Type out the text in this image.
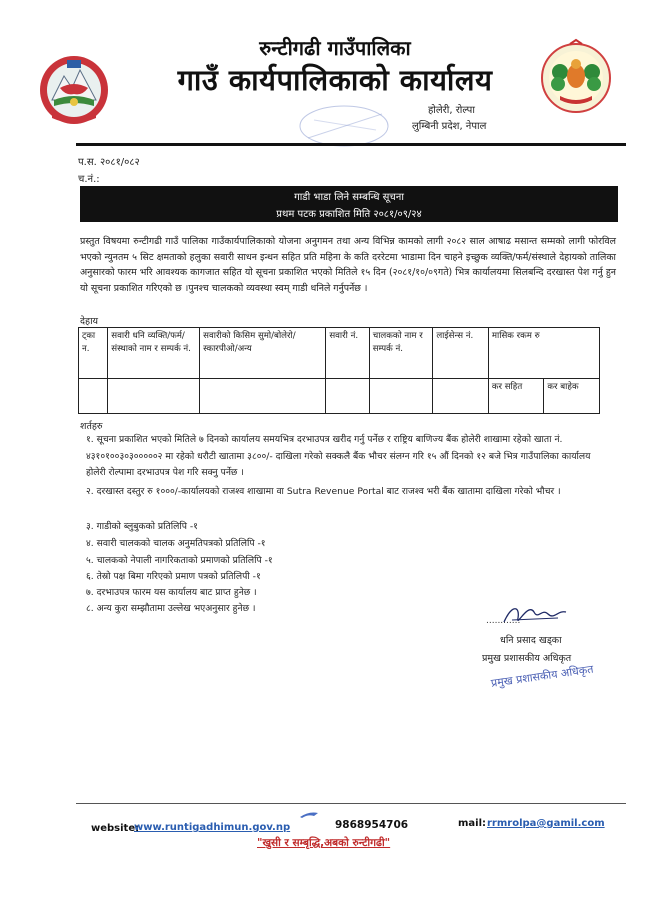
रुन्टीगढी गाउँपालिका
गाउँ कार्यपालिकाको कार्यालय
होलेरी, रोल्पा
लुम्बिनी प्रदेश, नेपाल
प.स. २०८१/०८२
च.नं.:
गाडी भाडा लिने सम्बन्धि सूचना
प्रथम पटक प्रकाशित मिति २०८१/०९/२४
प्रस्तुत विषयमा रुन्टीगढी गाउँ पालिका गाउँकार्यपालिकाको योजना अनुगमन तथा अन्य विभिन्न कामको लागी २०८२ साल आषाढ मसान्त सम्मको लागी फोरविल भएको न्युनतम ५ सिट क्षमताको हलुका सवारी साधन इन्धन सहित प्रति महिना के कति दररेटमा भाडामा दिन चाहने इच्छुक व्यक्ति/फर्म/संस्थाले देहायको तालिका अनुसारको फारम भरि आवश्यक कागजात सहित यो सूचना प्रकाशित भएको मितिले १५ दिन (२०८१/१०/०९गते) भित्र कार्यालयमा सिलबन्दि दरखास्त पेश गर्नु हुन यो सूचना प्रकाशित गरिएको छ ।पुनश्च चालकको व्यवस्था स्वम् गाडी धनिले गर्नुपर्नेछ ।
देहाय
ट्का न.	सवारी धनि व्यक्ति/फर्म/संस्थाको नाम र सम्पर्क नं.	सवारीको किसिम सुमो/बोलेरो/स्कारपीओ/अन्य	सवारी नं.	चालकको नाम र सम्पर्क नं.	लाईसेन्स नं.	मासिक रकम रु	
						कर सहित	कर बाहेक
शर्तहरु
१. सूचना प्रकाशित भएको मितिले ७ दिनको कार्यालय समयभित्र दरभाउपत्र खरीद गर्नु पर्नेछ र राष्ट्रिय बाणिज्य बैंक होलेरी शाखामा रहेको खाता नं. ४३१०१००३०३०००००२ मा रहेको धरौटी खातामा ३८००/- दाखिला गरेको सक्कलै बैंक भौचर संलग्न गरि १५ औं दिनको १२ बजे भित्र गाउँपालिका कार्यालय होलेरी रोल्पामा दरभाउपत्र पेश गरि सक्नु पर्नेछ ।
२. दरखास्त दस्तुर रु १०००/-कार्यालयको राजश्व शाखामा वा Sutra Revenue Portal बाट राजश्व भरी बैंक खातामा दाखिला गरेको भौचर ।
३. गाडीको ब्लुबुकको प्रतिलिपि -१
४. सवारी चालकको चालक अनुमतिपत्रको प्रतिलिपि -१
५. चालकको नेपाली नागरिकताको प्रमाणको प्रतिलिपि -१
६. तेस्रो पक्ष बिमा गरिएको प्रमाण पत्रको प्रतिलिपी -१
७. दरभाउपत्र फारम यस कार्यालय बाट प्राप्त हुनेछ ।
८. अन्य कुरा सम्झौतामा उल्लेख भएअनुसार हुनेछ ।
............
धनि प्रसाद खड्का
प्रमुख प्रशासकीय अधिकृत
प्रमुख प्रशासकीय अधिकृत
website:
www.runtigadhimun.gov.np	9868954706	mail: rrmrolpa@gamil.com
"खुसी र सम्बृद्धि,अबको रुन्टीगढी"
